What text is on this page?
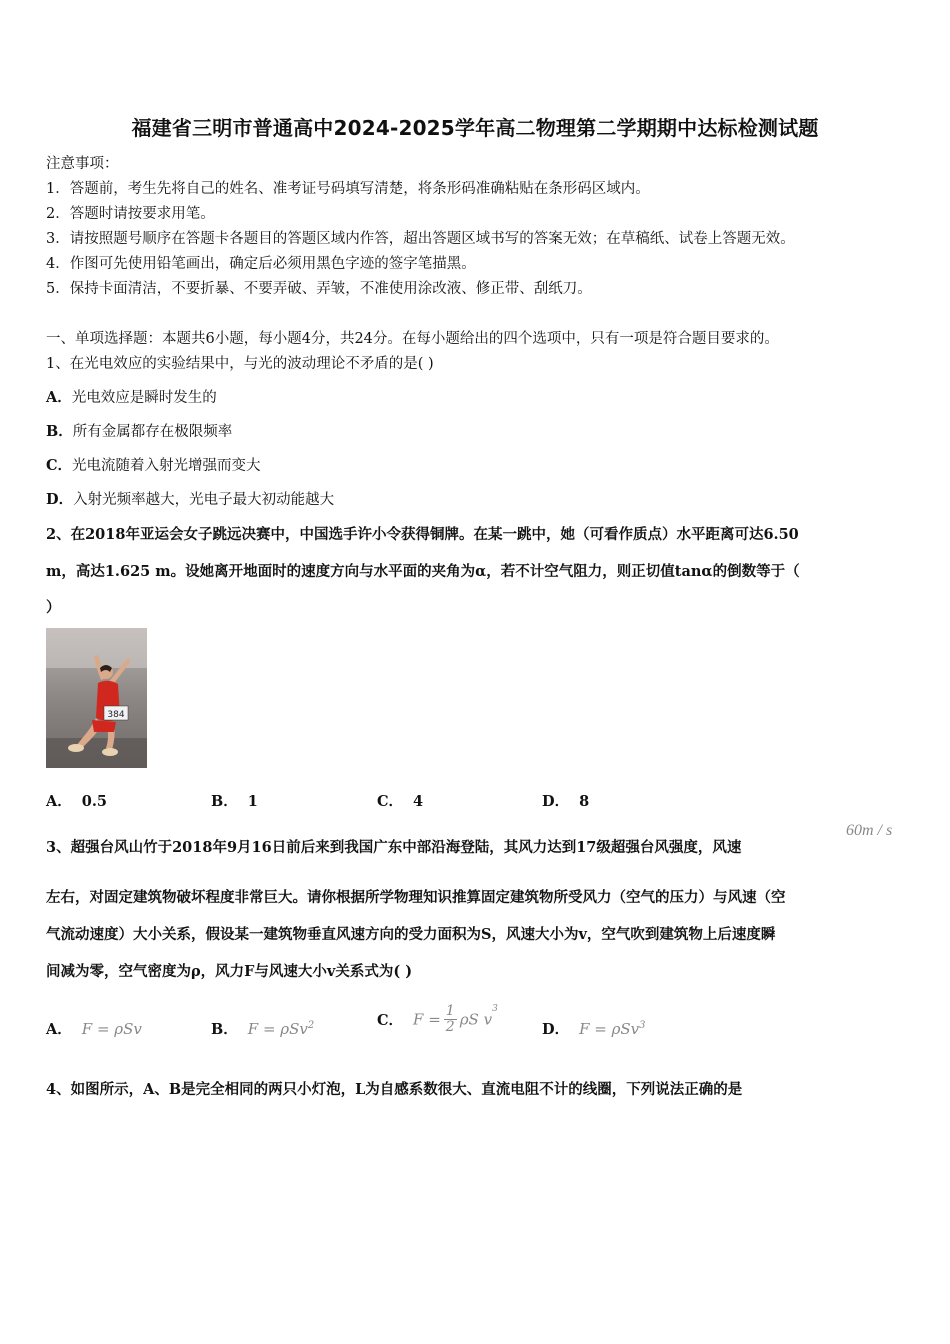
福建省三明市普通高中2024-2025学年高二物理第二学期期中达标检测试题
注意事项：
1．答题前，考生先将自己的姓名、准考证号码填写清楚，将条形码准确粘贴在条形码区域内。
2．答题时请按要求用笔。
3．请按照题号顺序在答题卡各题目的答题区域内作答，超出答题区域书写的答案无效；在草稿纸、试卷上答题无效。
4．作图可先使用铅笔画出，确定后必须用黑色字迹的签字笔描黑。
5．保持卡面清洁，不要折暴、不要弄破、弄皱，不准使用涂改液、修正带、刮纸刀。
一、单项选择题：本题共6小题，每小题4分，共24分。在每小题给出的四个选项中，只有一项是符合题目要求的。
1、在光电效应的实验结果中，与光的波动理论不矛盾的是( )
A．光电效应是瞬时发生的
B．所有金属都存在极限频率
C．光电流随着入射光增强而变大
D．入射光频率越大，光电子最大初动能越大
2、在2018年亚运会女子跳远决赛中，中国选手许小令获得铜牌。在某一跳中，她（可看作质点）水平距离可达6.50
m，高达1.625 m。设她离开地面时的速度方向与水平面的夹角为α，若不计空气阻力，则正切值tanα的倒数等于（
）
384
A． 0.5	B． 1	C． 4	D． 8
60m / s
3、超强台风山竹于2018年9月16日前后来到我国广东中部沿海登陆，其风力达到17级超强台风强度，风速
左右，对固定建筑物破坏程度非常巨大。请你根据所学物理知识推算固定建筑物所受风力（空气的压力）与风速（空
气流动速度）大小关系，假设某一建筑物垂直风速方向的受力面积为S，风速大小为v，空气吹到建筑物上后速度瞬
间减为零，空气密度为ρ，风力F与风速大小v关系式为( )
A． F = ρSv	B． F = ρSv$^2$	C． $F = \frac{1}{2}$ ρS $v^3$
D． F = ρSv$^3$
4、如图所示，A、B是完全相同的两只小灯泡，L为自感系数很大、直流电阻不计的线圈，下列说法正确的是
